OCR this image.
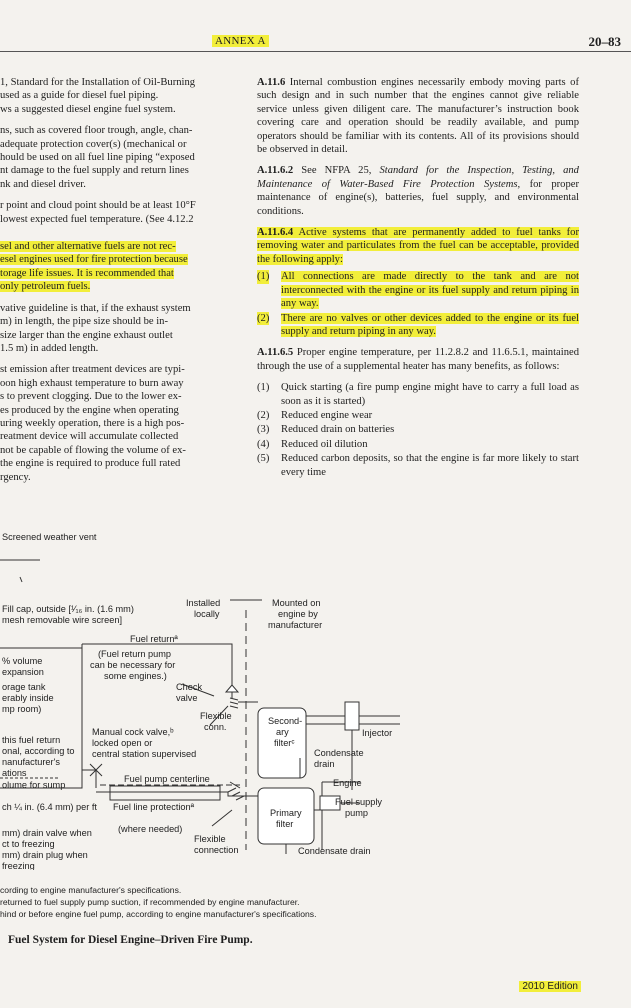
ANNEX A	20–83

1, Standard for the Installation of Oil-Burning
used as a guide for diesel fuel piping.
ws a suggested diesel engine fuel system.

ns, such as covered floor trough, angle, chan-
adequate protection cover(s) (mechanical or
hould be used on all fuel line piping “exposed
nt damage to the fuel supply and return lines
nk and diesel driver.

r point and cloud point should be at least 10°F
lowest expected fuel temperature. (See 4.12.2

sel and other alternative fuels are not rec-
esel engines used for fire protection because
torage life issues. It is recommended that
only petroleum fuels.

vative guideline is that, if the exhaust system
m) in length, the pipe size should be in-
size larger than the engine exhaust outlet
1.5 m) in added length.

st emission after treatment devices are typi-
oon high exhaust temperature to burn away
s to prevent clogging. Due to the lower ex-
es produced by the engine when operating
uring weekly operation, there is a high pos-
reatment device will accumulate collected
not be capable of flowing the volume of ex-
the engine is required to produce full rated
rgency.

A.11.6 Internal combustion engines necessarily embody moving parts of such design and in such number that the engines cannot give reliable service unless given diligent care. The manufacturer’s instruction book covering care and operation should be readily available, and pump operators should be familiar with its contents. All of its provisions should be observed in detail.

A.11.6.2 See NFPA 25, Standard for the Inspection, Testing, and Maintenance of Water-Based Fire Protection Systems, for proper maintenance of engine(s), batteries, fuel supply, and environmental conditions.

A.11.6.4 Active systems that are permanently added to fuel tanks for removing water and particulates from the fuel can be acceptable, provided the following apply:

(1) All connections are made directly to the tank and are not interconnected with the engine or its fuel supply and return piping in any way.
(2) There are no valves or other devices added to the engine or its fuel supply and return piping in any way.

A.11.6.5 Proper engine temperature, per 11.2.8.2 and 11.6.5.1, maintained through the use of a supplemental heater has many benefits, as follows:

(1) Quick starting (a fire pump engine might have to carry a full load as soon as it is started)
(2) Reduced engine wear
(3) Reduced drain on batteries
(4) Reduced oil dilution
(5) Reduced carbon deposits, so that the engine is far more likely to start every time
Screened weather vent
Fill cap, outside [¹⁄₁₆ in. (1.6 mm)
mesh removable wire screen]
Installed
locally
Mounted on
engine by
manufacturer
Fuel returnª
(Fuel return pump
can be necessary for
some engines.)
Check
valve
% volume
expansion
orage tank
erably inside
mp room)
Flexible
conn.
Second-
ary
filterᶜ
Injector
Condensate
drain
Manual cock valve,ᵇ
locked open or
central station supervised
this fuel return
onal, according to
nanufacturer's
ations
Fuel pump centerline	Engine
olume for sump
ch ¼ in. (6.4 mm) per ft Fuel line protectionª
(where needed)
Fuel supply
pump
Primary
filter
mm) drain valve when
ct to freezing
mm) drain plug when
freezing
Flexible
connection	Condensate drain
cording to engine manufacturer's specifications.
returned to fuel supply pump suction, if recommended by engine manufacturer.
hind or before engine fuel pump, according to engine manufacturer's specifications.
Fuel System for Diesel Engine–Driven Fire Pump.
2010 Edition
